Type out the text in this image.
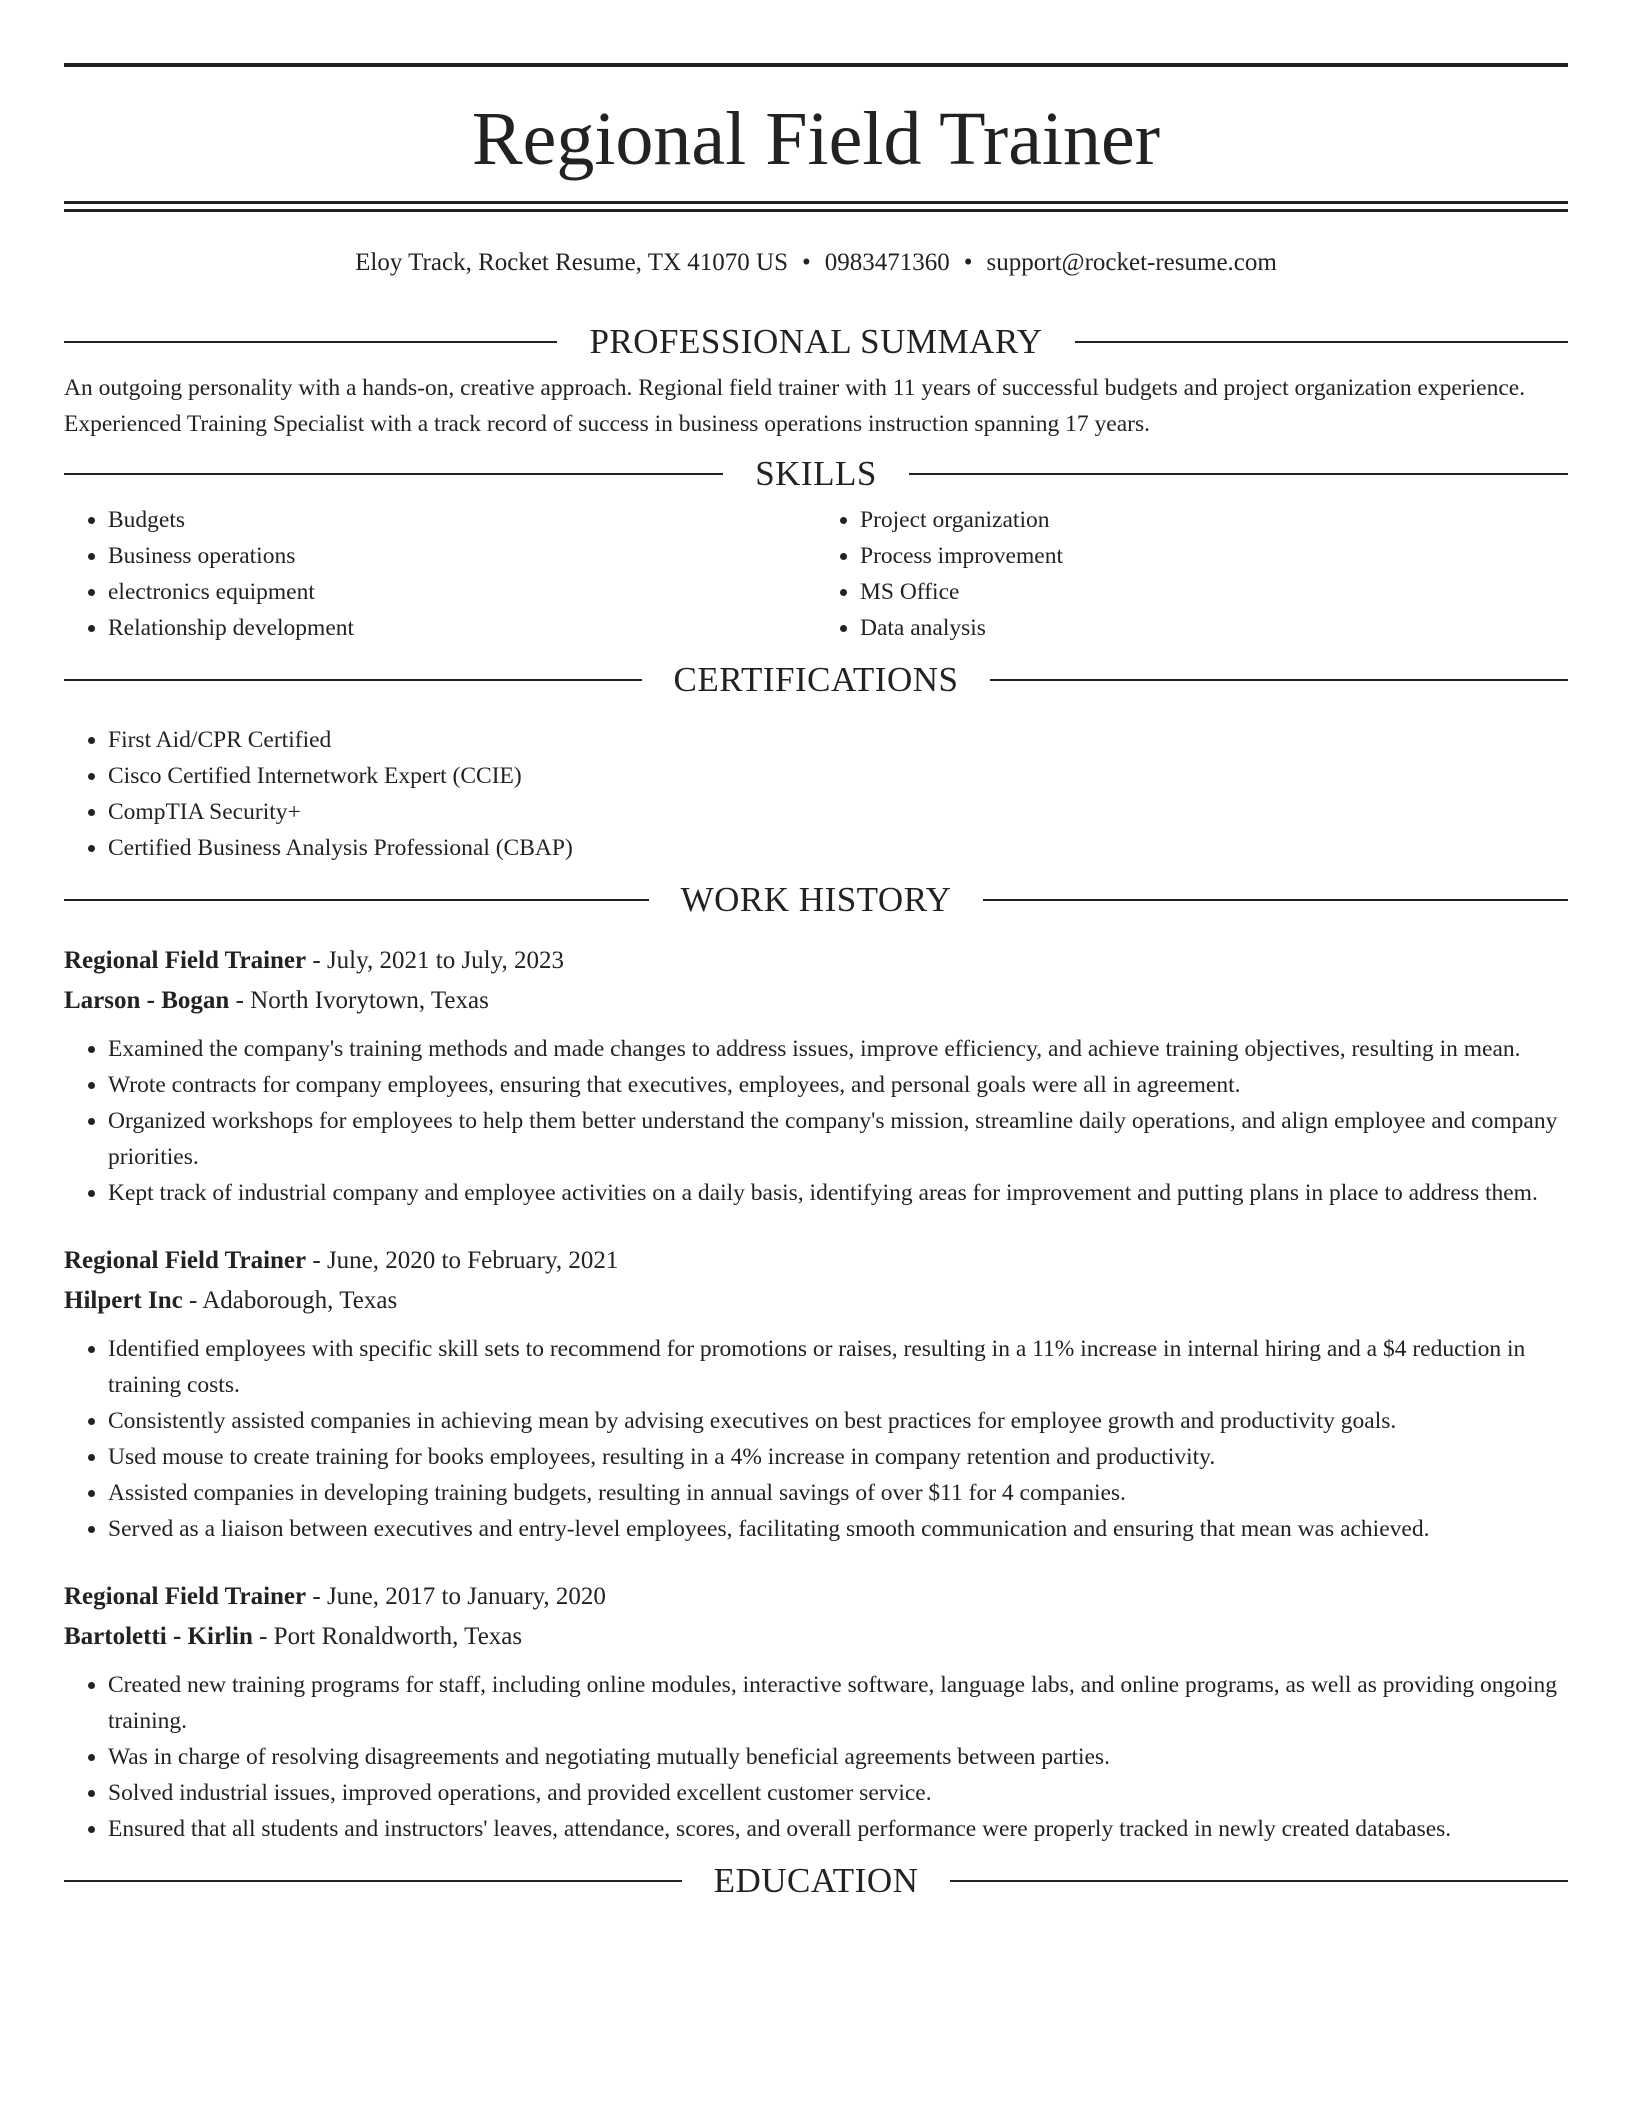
Regional Field Trainer
Eloy Track, Rocket Resume, TX 41070 US • 0983471360 • support@rocket-resume.com
PROFESSIONAL SUMMARY
An outgoing personality with a hands-on, creative approach. Regional field trainer with 11 years of successful budgets and project organization experience. Experienced Training Specialist with a track record of success in business operations instruction spanning 17 years.
SKILLS
• Budgets
• Business operations
• electronics equipment
• Relationship development
• Project organization
• Process improvement
• MS Office
• Data analysis
CERTIFICATIONS
• First Aid/CPR Certified
• Cisco Certified Internetwork Expert (CCIE)
• CompTIA Security+
• Certified Business Analysis Professional (CBAP)
WORK HISTORY
Regional Field Trainer - July, 2021 to July, 2023
Larson - Bogan - North Ivorytown, Texas
• Examined the company's training methods and made changes to address issues, improve efficiency, and achieve training objectives, resulting in mean.
• Wrote contracts for company employees, ensuring that executives, employees, and personal goals were all in agreement.
• Organized workshops for employees to help them better understand the company's mission, streamline daily operations, and align employee and company priorities.
• Kept track of industrial company and employee activities on a daily basis, identifying areas for improvement and putting plans in place to address them.
Regional Field Trainer - June, 2020 to February, 2021
Hilpert Inc - Adaborough, Texas
• Identified employees with specific skill sets to recommend for promotions or raises, resulting in a 11% increase in internal hiring and a $4 reduction in training costs.
• Consistently assisted companies in achieving mean by advising executives on best practices for employee growth and productivity goals.
• Used mouse to create training for books employees, resulting in a 4% increase in company retention and productivity.
• Assisted companies in developing training budgets, resulting in annual savings of over $11 for 4 companies.
• Served as a liaison between executives and entry-level employees, facilitating smooth communication and ensuring that mean was achieved.
Regional Field Trainer - June, 2017 to January, 2020
Bartoletti - Kirlin - Port Ronaldworth, Texas
• Created new training programs for staff, including online modules, interactive software, language labs, and online programs, as well as providing ongoing training.
• Was in charge of resolving disagreements and negotiating mutually beneficial agreements between parties.
• Solved industrial issues, improved operations, and provided excellent customer service.
• Ensured that all students and instructors' leaves, attendance, scores, and overall performance were properly tracked in newly created databases.
EDUCATION
